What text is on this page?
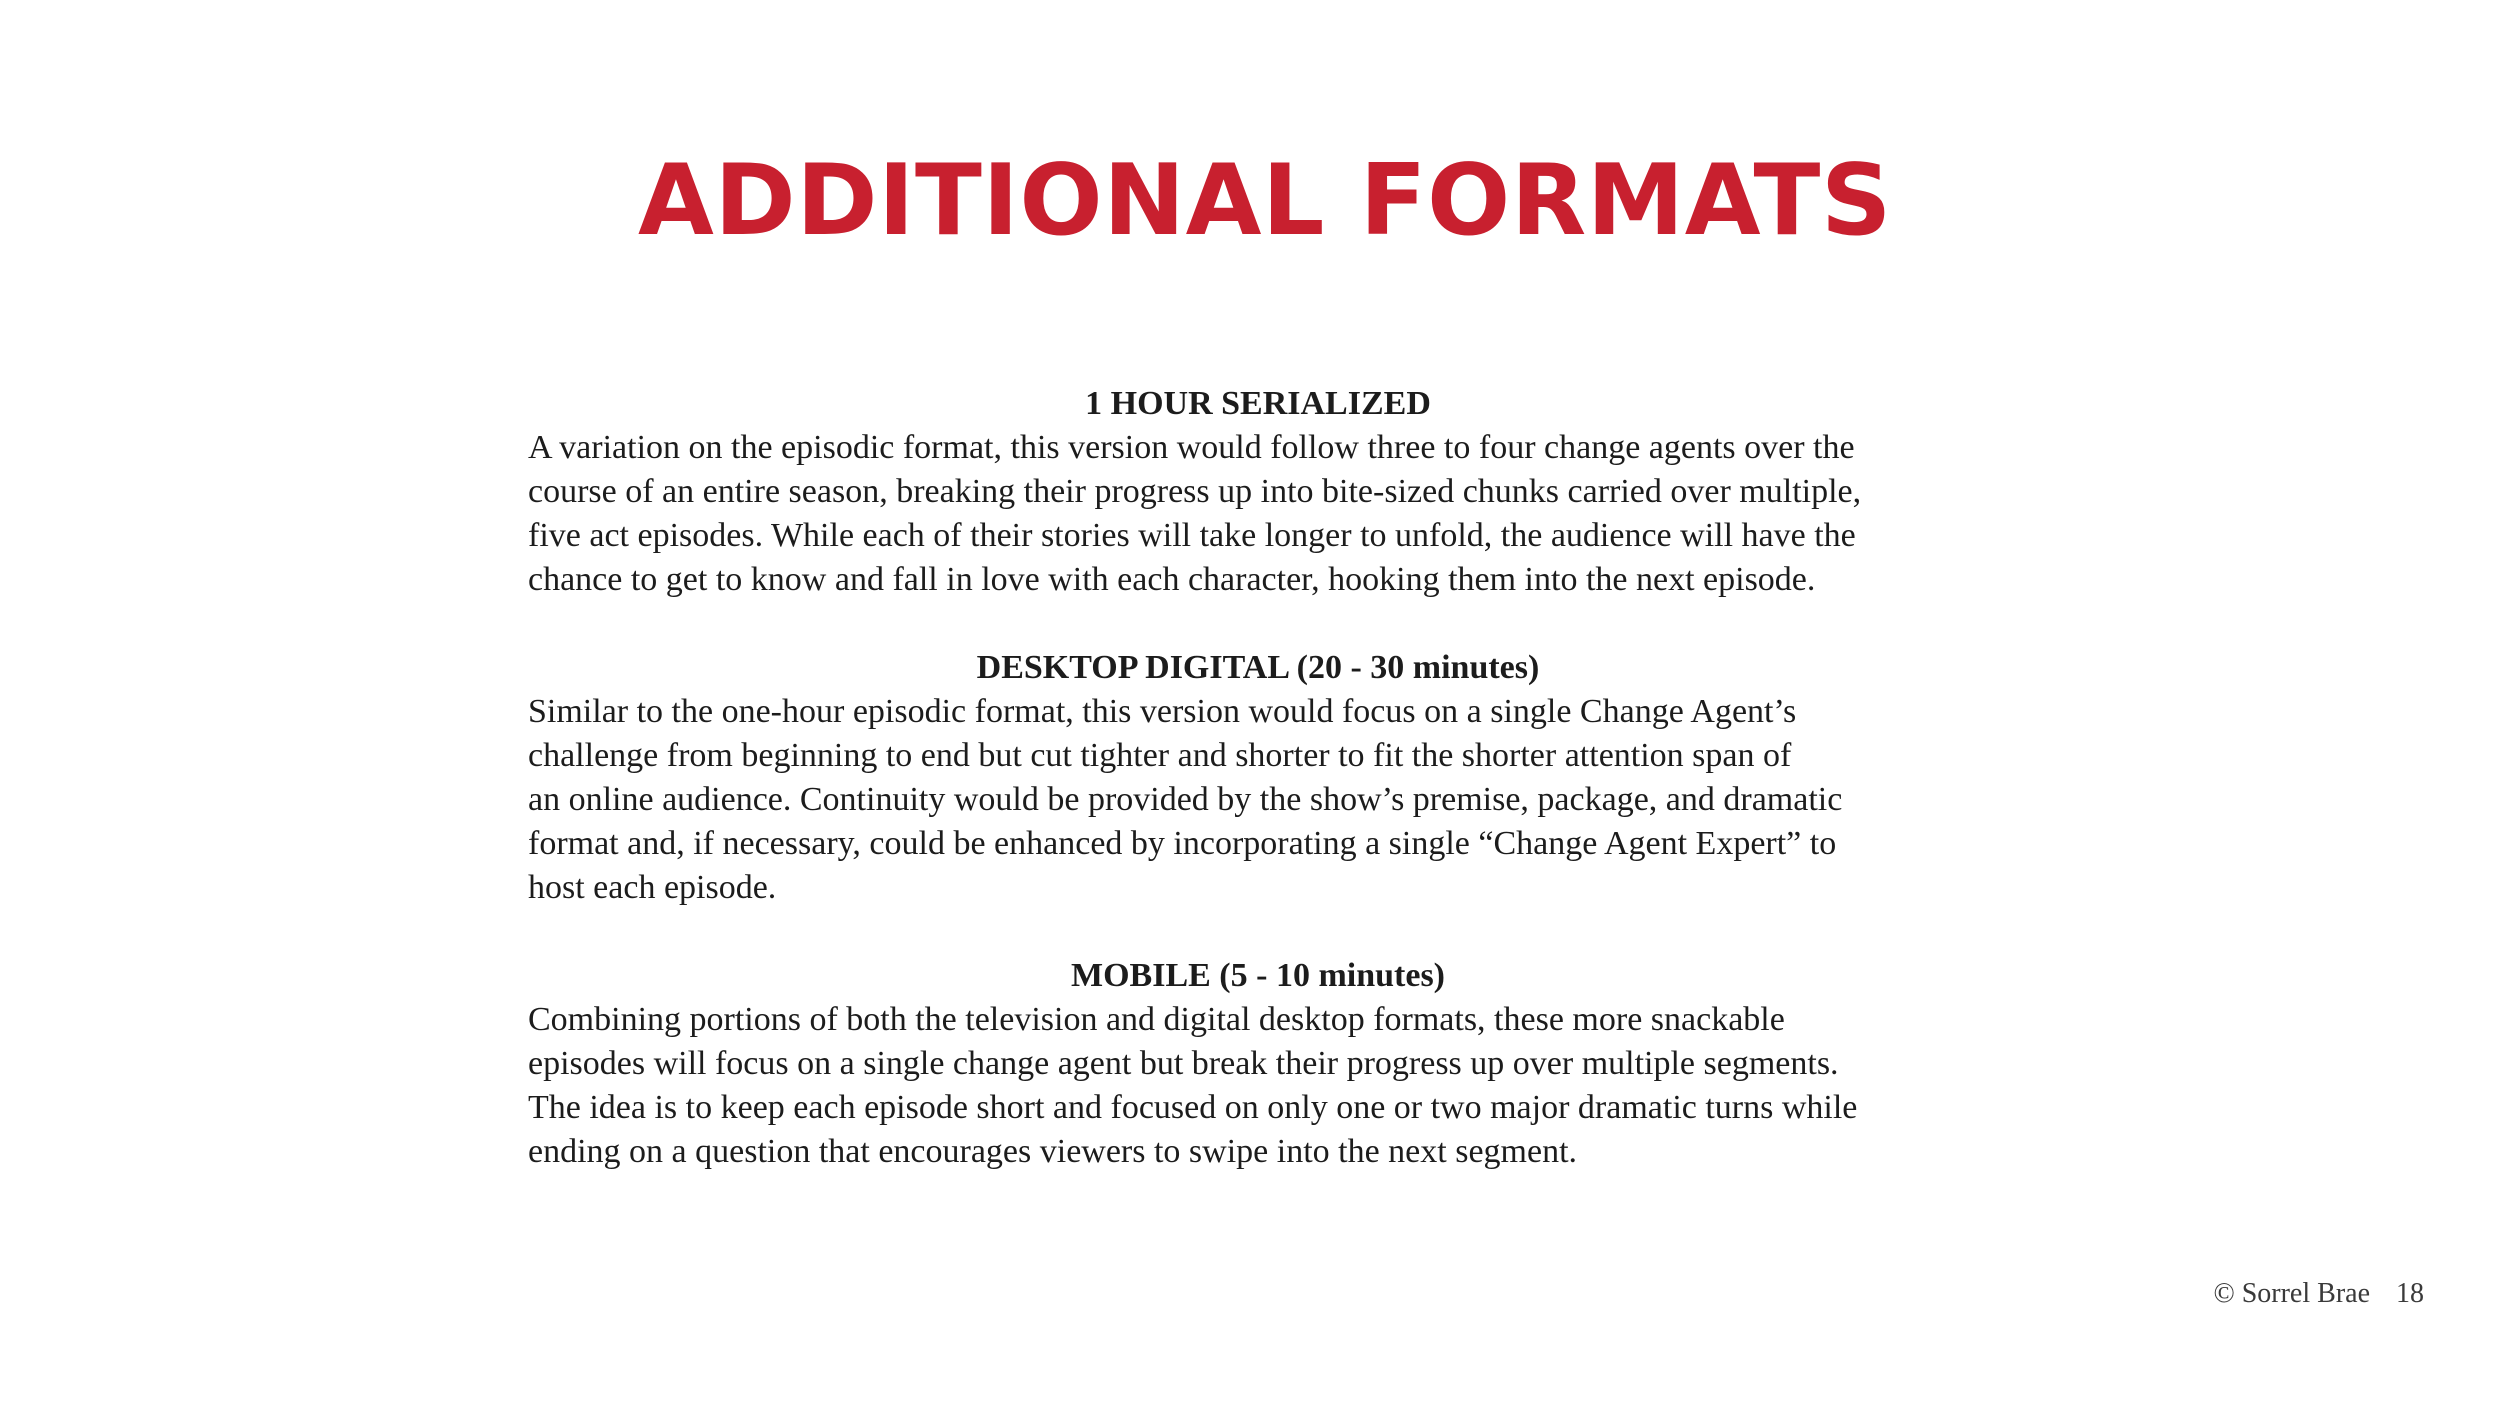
ADDITIONAL FORMATS
1 HOUR SERIALIZED

A variation on the episodic format, this version would follow three to four change agents over the
course of an entire season, breaking their progress up into bite-sized chunks carried over multiple,
five act episodes. While each of their stories will take longer to unfold, the audience will have the
chance to get to know and fall in love with each character, hooking them into the next episode.

DESKTOP DIGITAL (20 - 30 minutes)

Similar to the one-hour episodic format, this version would focus on a single Change Agent’s
challenge from beginning to end but cut tighter and shorter to fit the shorter attention span of
an online audience. Continuity would be provided by the show’s premise, package, and dramatic
format and, if necessary, could be enhanced by incorporating a single “Change Agent Expert” to
host each episode.

MOBILE (5 - 10 minutes)

Combining portions of both the television and digital desktop formats, these more snackable
episodes will focus on a single change agent but break their progress up over multiple segments.
The idea is to keep each episode short and focused on only one or two major dramatic turns while
ending on a question that encourages viewers to swipe into the next segment.

© Sorrel Brae 18
